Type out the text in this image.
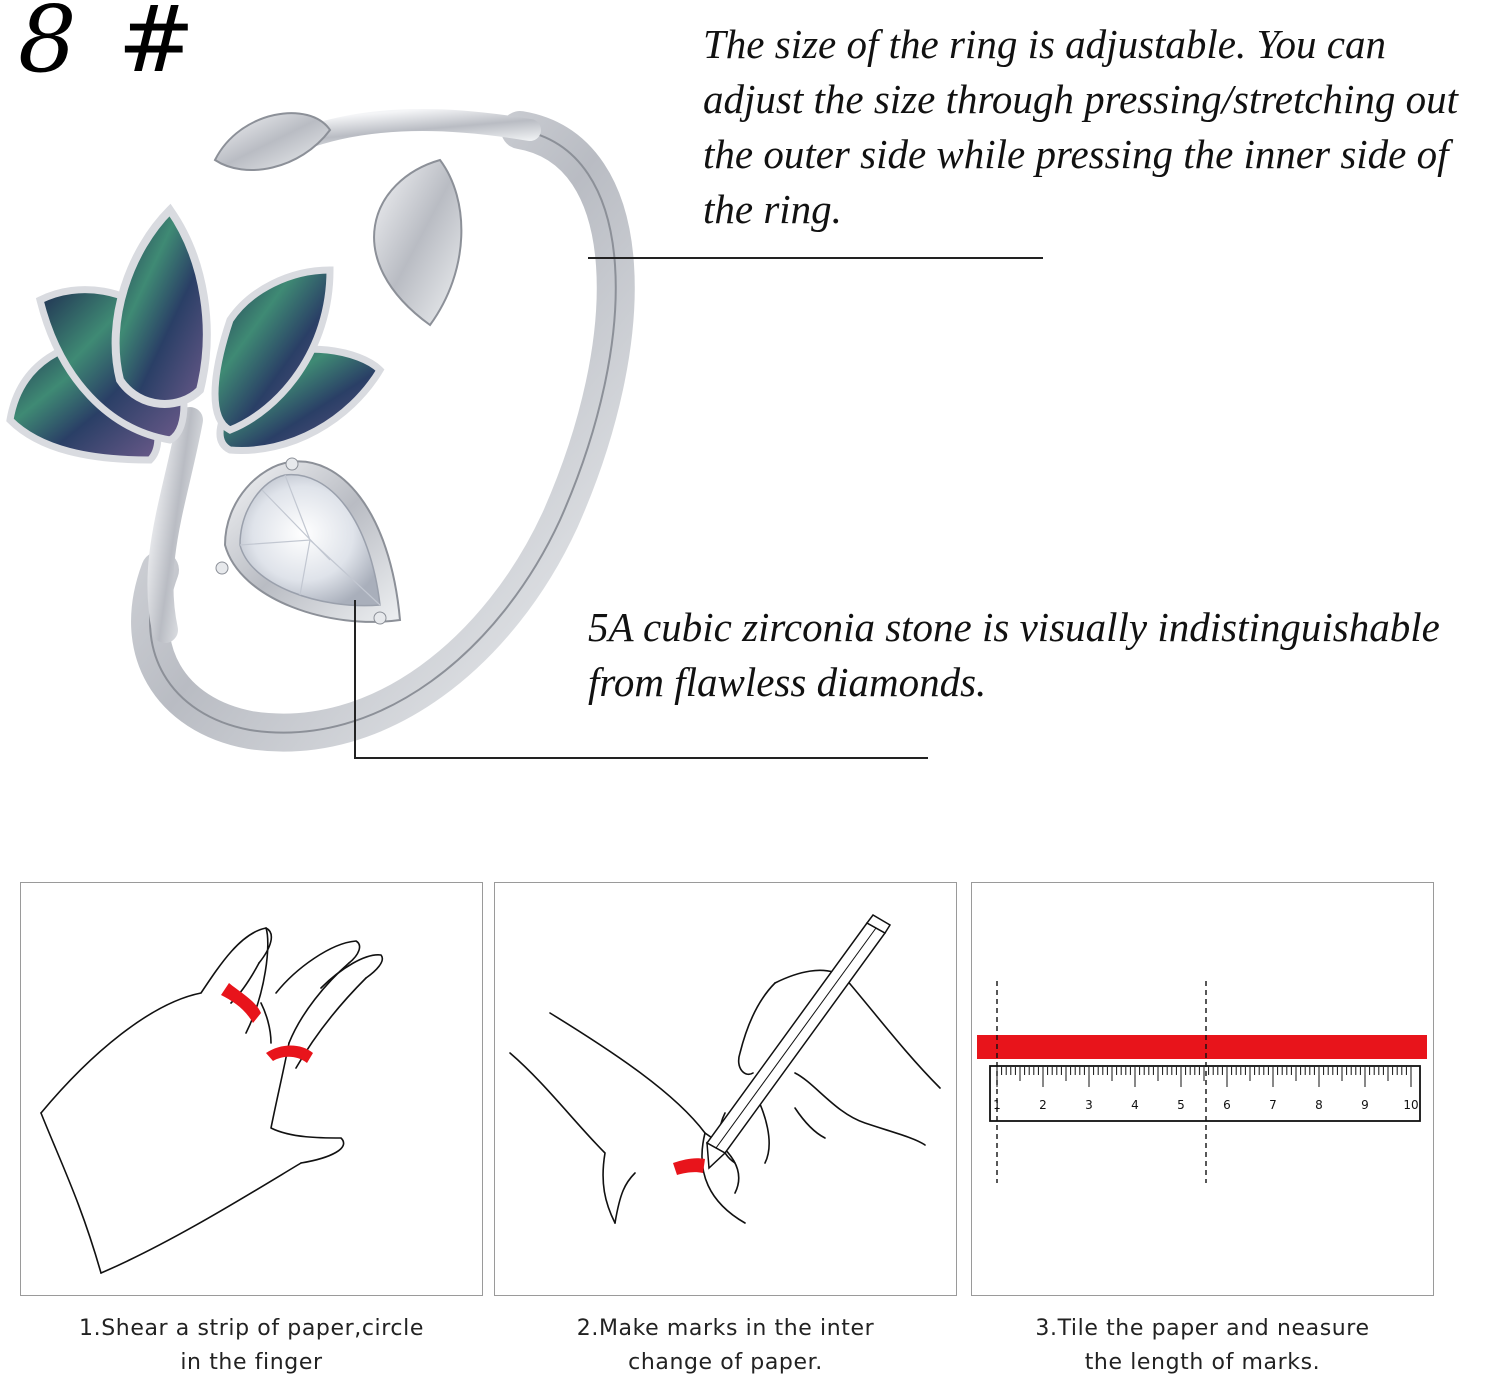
8 #	The size of the ring is adjustable. You can adjust the size through pressing/stretching out the outer side while pressing the inner side of the ring.
5A cubic zirconia stone is visually indistinguishable from flawless diamonds.
1.Shear a strip of paper,circle
in the finger
2.Make marks in the inter
change of paper.
1	2	3	4	5	6	7	8	9	10
3.Tile the paper and neasure
the length of marks.
